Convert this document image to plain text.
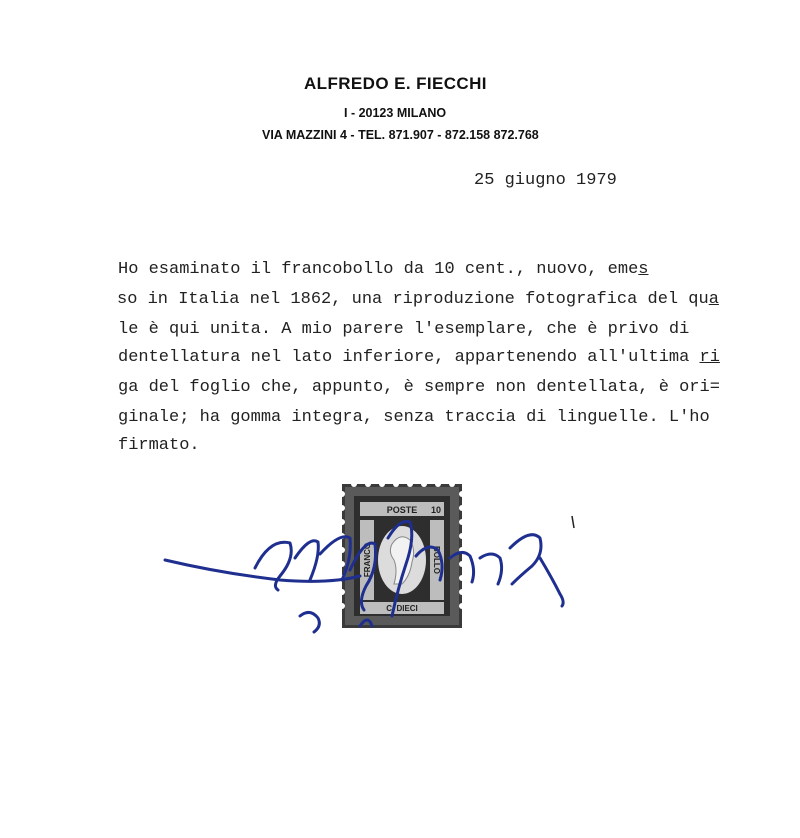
ALFREDO E. FIECCHI
I - 20123 MILANO
VIA MAZZINI 4 - TEL. 871.907 - 872.158 872.768
25 giugno 1979
Ho esaminato il francobollo da 10 cent., nuovo, emes
so in Italia nel 1862, una riproduzione fotografica del qua
le è qui unita. A mio parere l'esemplare, che è privo di
dentellatura nel lato inferiore, appartenendo all'ultima ri
ga del foglio che, appunto, è sempre non dentellata, è ori=
ginale; ha gomma integra, senza traccia di linguelle. L'ho
firmato.
POSTE 10
FRANCO	BOLLO
C. DIECI
